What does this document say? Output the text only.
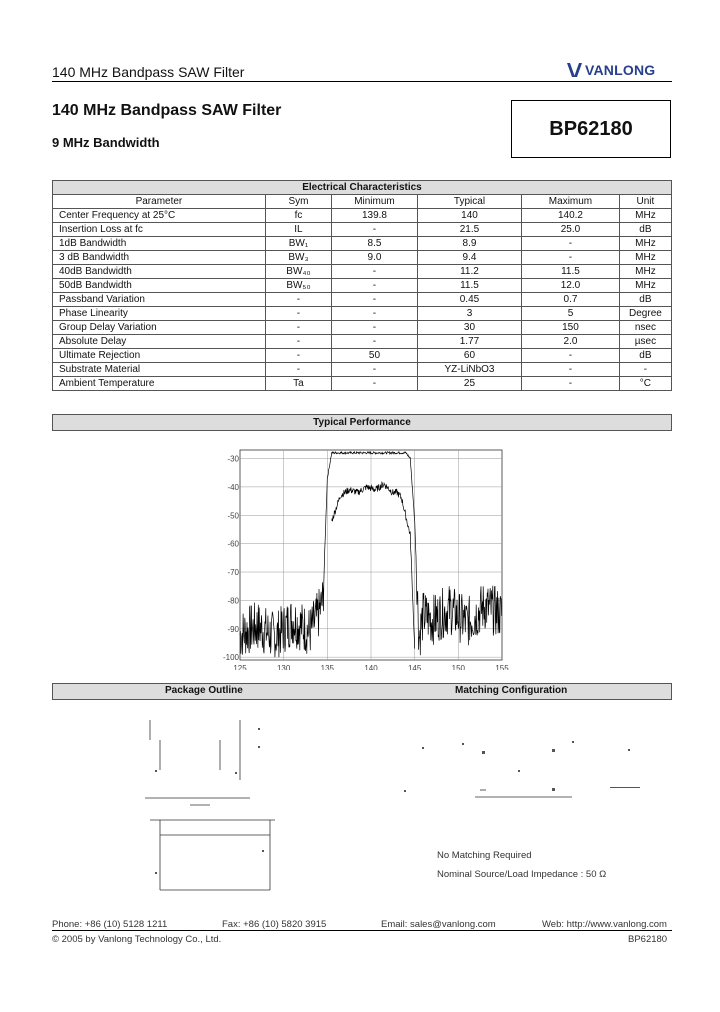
140 MHz Bandpass SAW Filter	VANLONG
140 MHz Bandpass SAW Filter
9 MHz Bandwidth
BP62180
Electrical Characteristics					
Parameter	Sym	Minimum	Typical	Maximum	Unit
Center Frequency at 25°C	fc	139.8	140	140.2	MHz
Insertion Loss at fc	IL	-	21.5	25.0	dB
1dB Bandwidth	BW₁	8.5	8.9	-	MHz
3 dB Bandwidth	BW₃	9.0	9.4	-	MHz
40dB Bandwidth	BW₄₀	-	11.2	11.5	MHz
50dB Bandwidth	BW₅₀	-	11.5	12.0	MHz
Passband Variation	-	-	0.45	0.7	dB
Phase Linearity	-	-	3	5	Degree
Group Delay Variation	-	-	30	150	nsec
Absolute Delay	-	-	1.77	2.0	µsec
Ultimate Rejection	-	50	60	-	dB
Substrate Material	-	-	YZ-LiNbO3	-	-
Ambient Temperature	Ta	-	25	-	°C
Typical Performance
125	130	135	140	145	150	155
-30
-40
-50
-60
-70
-80
-90
-100
Package Outline	Matching Configuration
No Matching Required
Nominal Source/Load Impedance : 50 Ω
Phone: +86 (10) 5128 1211	Fax: +86 (10) 5820 3915	Email: sales@vanlong.com	Web: http://www.vanlong.com
© 2005 by Vanlong Technology Co., Ltd.	BP62180
